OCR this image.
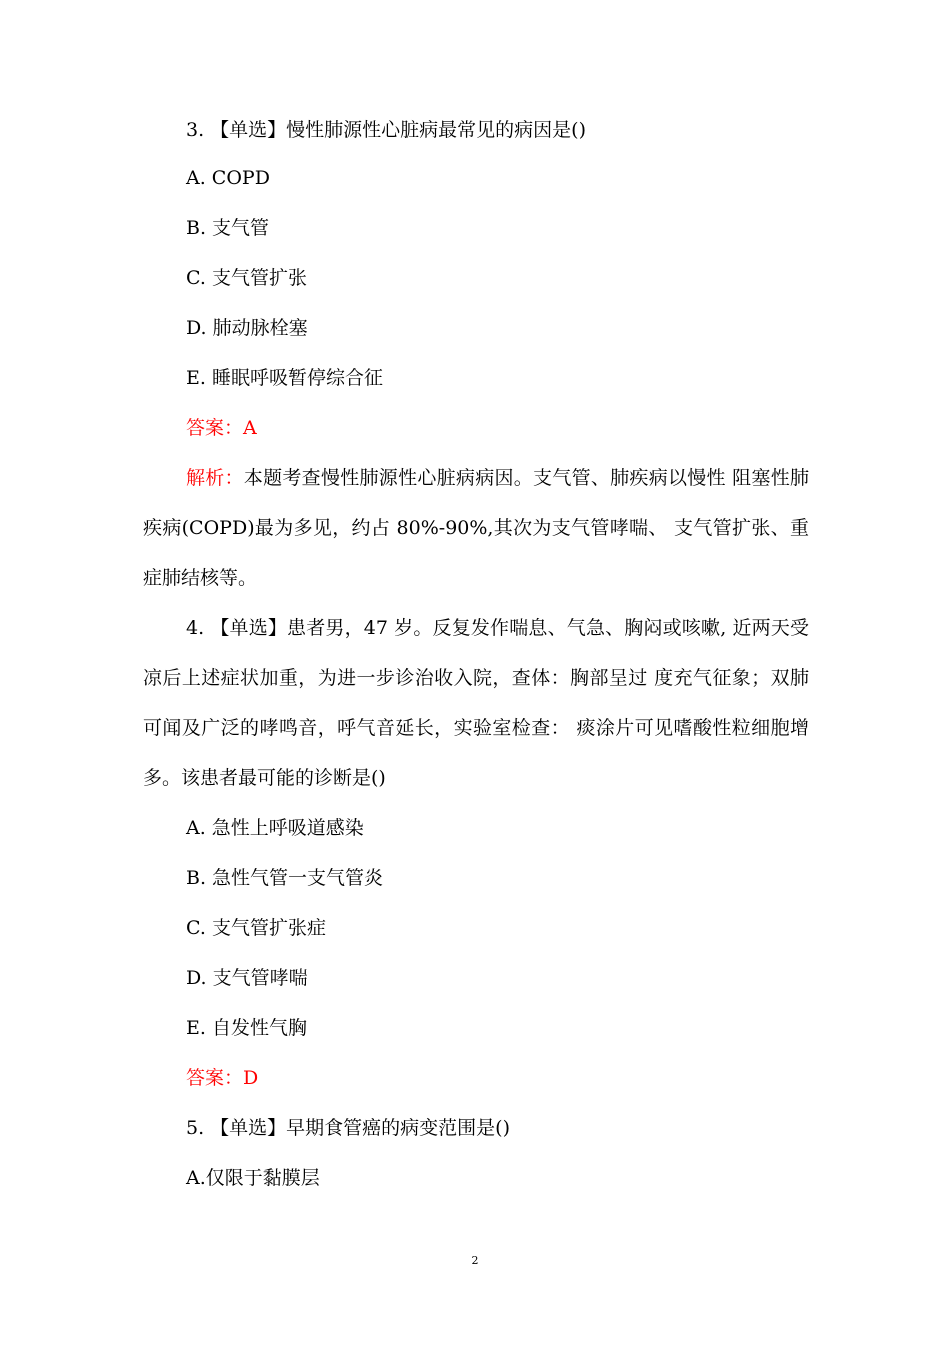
3. 【单选】慢性肺源性心脏病最常见的病因是()
A. COPD
B. 支气管
C. 支气管扩张
D. 肺动脉栓塞
E. 睡眠呼吸暂停综合征
答案：A
解析：本题考查慢性肺源性心脏病病因。支气管、肺疾病以慢性 阻塞性肺疾病(COPD)最为多见，约占 80%-90%,其次为支气管哮喘、 支气管扩张、重症肺结核等。
4. 【单选】患者男，47 岁。反复发作喘息、气急、胸闷或咳嗽, 近两天受凉后上述症状加重，为进一步诊治收入院，查体：胸部呈过 度充气征象；双肺可闻及广泛的哮鸣音，呼气音延长，实验室检查： 痰涂片可见嗜酸性粒细胞增多。该患者最可能的诊断是()
A. 急性上呼吸道感染
B. 急性气管一支气管炎
C. 支气管扩张症
D. 支气管哮喘
E. 自发性气胸
答案：D
5. 【单选】早期食管癌的病变范围是()
A.仅限于黏膜层
2
